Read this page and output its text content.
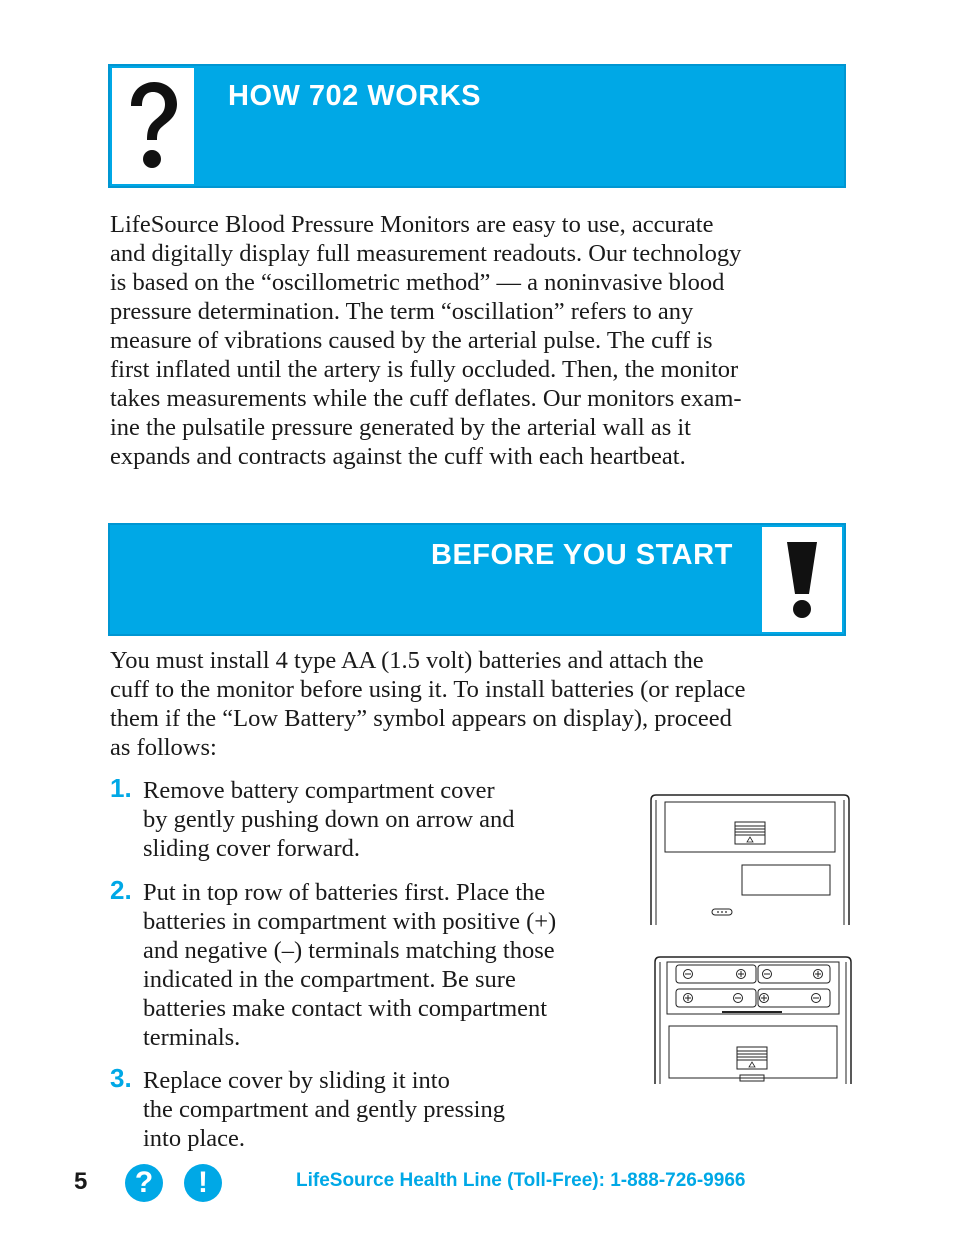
HOW 702 WORKS
LifeSource Blood Pressure Monitors are easy to use, accurate
and digitally display full measurement readouts. Our technology
is based on the “oscillometric method” — a noninvasive blood
pressure determination. The term “oscillation” refers to any
measure of vibrations caused by the arterial pulse. The cuff is
first inflated until the artery is fully occluded. Then, the monitor
takes measurements while the cuff deflates. Our monitors exam-
ine the pulsatile pressure generated by the arterial wall as it
expands and contracts against the cuff with each heartbeat.
BEFORE YOU START
You must install 4 type AA (1.5 volt) batteries and attach the
cuff to the monitor before using it. To install batteries (or replace
them if the “Low Battery” symbol appears on display), proceed
as follows:
1. Remove battery compartment cover
by gently pushing down on arrow and
sliding cover forward.
2. Put in top row of batteries first. Place the
batteries in compartment with positive (+)
and negative (–) terminals matching those
indicated in the compartment. Be sure
batteries make contact with compartment
terminals.
3. Replace cover by sliding it into
the compartment and gently pressing
into place.
5	?	!	LifeSource Health Line (Toll-Free): 1-888-726-9966
